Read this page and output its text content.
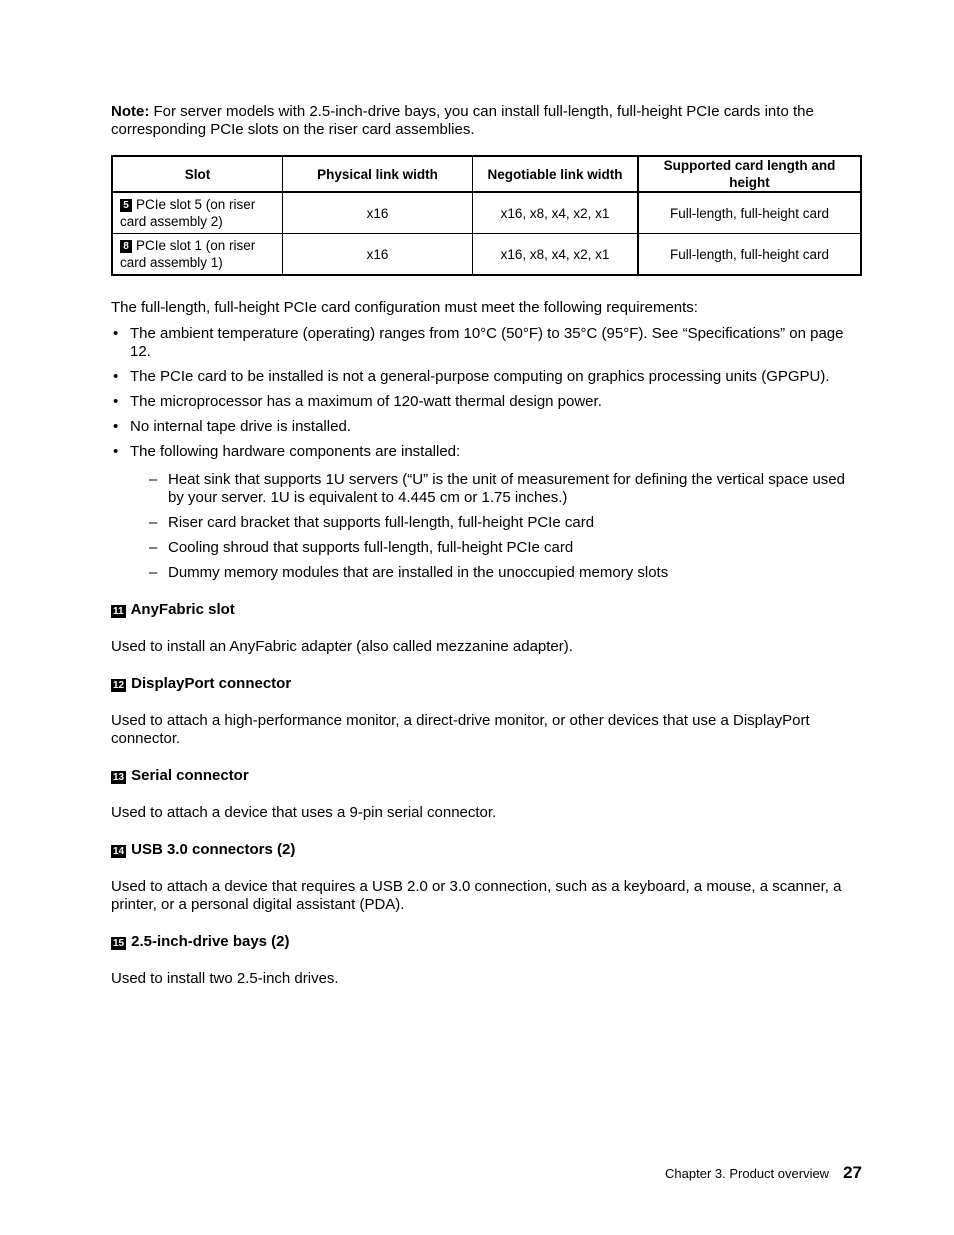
Note: For server models with 2.5-inch-drive bays, you can install full-length, full-height PCIe cards into the corresponding PCIe slots on the riser card assemblies.

Slot	Physical link width	Negotiable link width	Supported card length and height
5 PCIe slot 5 (on riser card assembly 2)	x16	x16, x8, x4, x2, x1	Full-length, full-height card
8 PCIe slot 1 (on riser card assembly 1)	x16	x16, x8, x4, x2, x1	Full-length, full-height card

The full-length, full-height PCIe card configuration must meet the following requirements:

• The ambient temperature (operating) ranges from 10°C (50°F) to 35°C (95°F). See “Specifications” on page 12.
• The PCIe card to be installed is not a general-purpose computing on graphics processing units (GPGPU).
• The microprocessor has a maximum of 120-watt thermal design power.
• No internal tape drive is installed.
• The following hardware components are installed:
– Heat sink that supports 1U servers (“U” is the unit of measurement for defining the vertical space used by your server. 1U is equivalent to 4.445 cm or 1.75 inches.)
– Riser card bracket that supports full-length, full-height PCIe card
– Cooling shroud that supports full-length, full-height PCIe card
– Dummy memory modules that are installed in the unoccupied memory slots
11 AnyFabric slot

Used to install an AnyFabric adapter (also called mezzanine adapter).

12 DisplayPort connector

Used to attach a high-performance monitor, a direct-drive monitor, or other devices that use a DisplayPort connector.

13 Serial connector

Used to attach a device that uses a 9-pin serial connector.

14 USB 3.0 connectors (2)

Used to attach a device that requires a USB 2.0 or 3.0 connection, such as a keyboard, a mouse, a scanner, a printer, or a personal digital assistant (PDA).

15 2.5-inch-drive bays (2)

Used to install two 2.5-inch drives.

Chapter 3. Product overview 27
